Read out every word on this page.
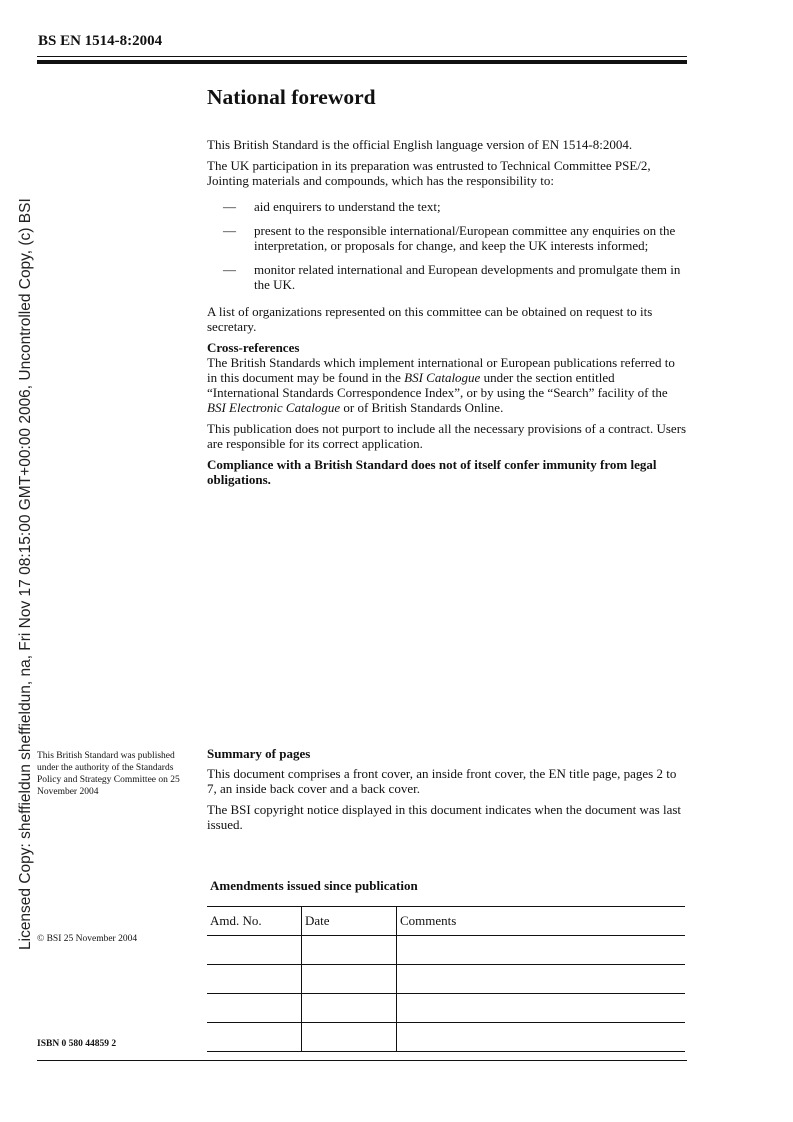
BS EN 1514-8:2004
National foreword

This British Standard is the official English language version of EN 1514-8:2004.

The UK participation in its preparation was entrusted to Technical Committee PSE/2, Jointing materials and compounds, which has the responsibility to:

— aid enquirers to understand the text;
— present to the responsible international/European committee any enquiries on the interpretation, or proposals for change, and keep the UK interests informed;
— monitor related international and European developments and promulgate them in the UK.

A list of organizations represented on this committee can be obtained on request to its secretary.

Cross-references

The British Standards which implement international or European publications referred to in this document may be found in the BSI Catalogue under the section entitled “International Standards Correspondence Index”, or by using the “Search” facility of the BSI Electronic Catalogue or of British Standards Online.

This publication does not purport to include all the necessary provisions of a contract. Users are responsible for its correct application.

Compliance with a British Standard does not of itself confer immunity from legal obligations.

This British Standard was published under the authority of the Standards Policy and Strategy Committee on 25 November 2004

Summary of pages

This document comprises a front cover, an inside front cover, the EN title page, pages 2 to 7, an inside back cover and a back cover.

The BSI copyright notice displayed in this document indicates when the document was last issued.

Amendments issued since publication
Amd. No.	Date	Comments

© BSI 25 November 2004
ISBN 0 580 44859 2
Licensed Copy: sheffieldun sheffieldun, na, Fri Nov 17 08:15:00 GMT+00:00 2006, Uncontrolled Copy, (c) BSI
